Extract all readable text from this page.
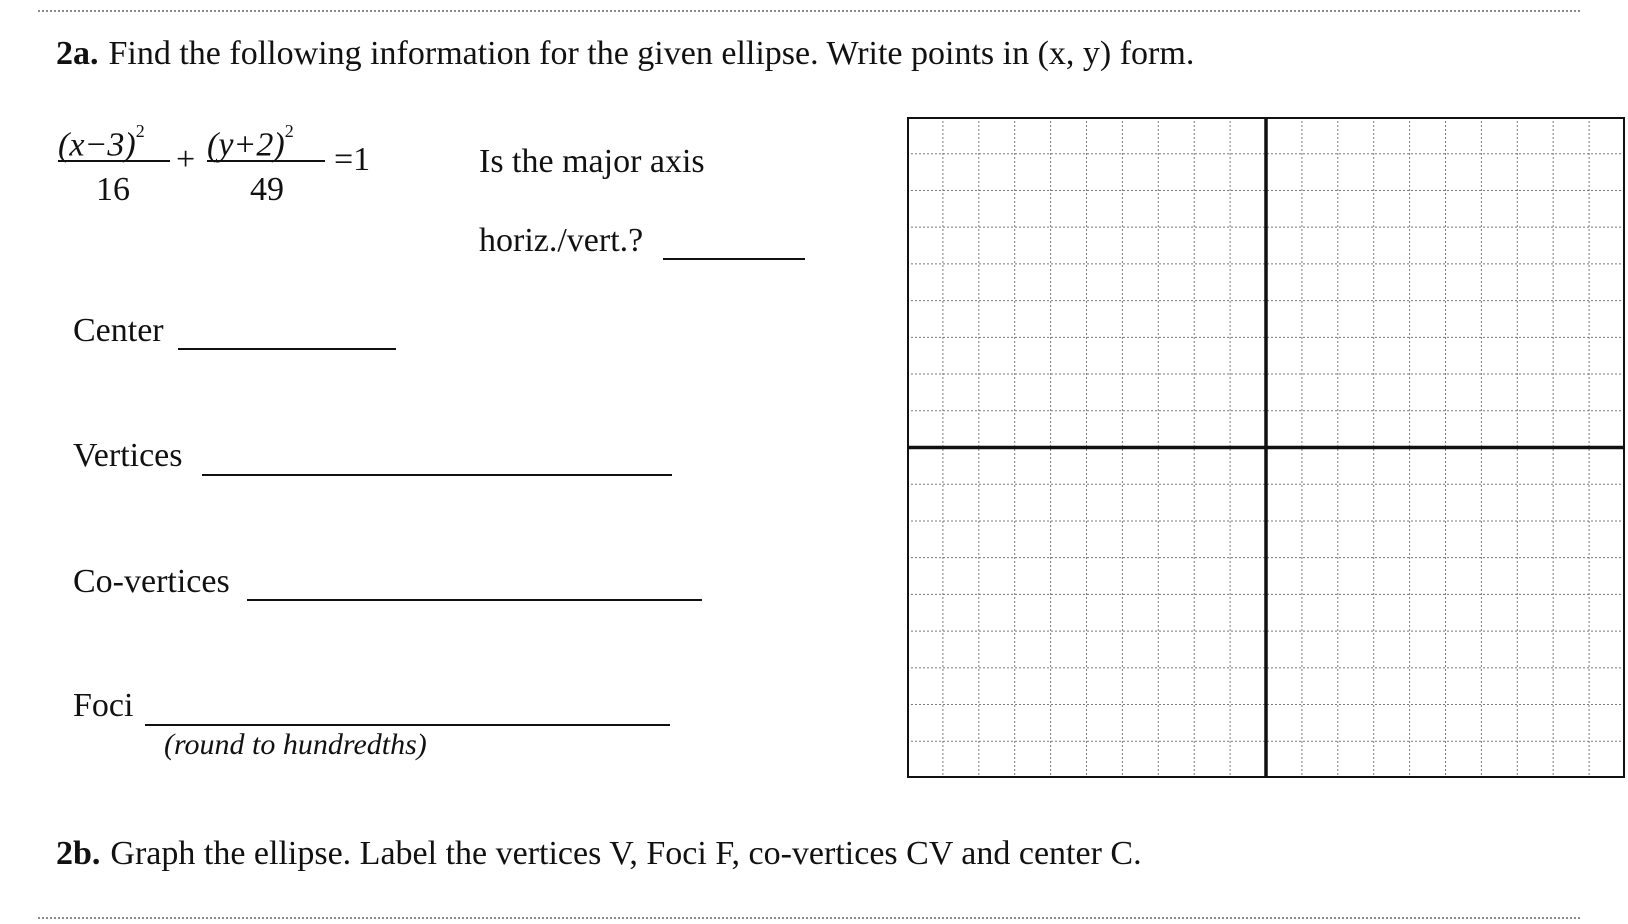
2a. Find the following information for the given ellipse. Write points in (x, y) form.
$(x-3)^2$
16
+ $(y+2)^2$
49
=1	Is the major axis
horiz./vert.?
Center
Vertices
Co-vertices
Foci
(round to hundredths)
2b. Graph the ellipse. Label the vertices V, Foci F, co-vertices CV and center C.
